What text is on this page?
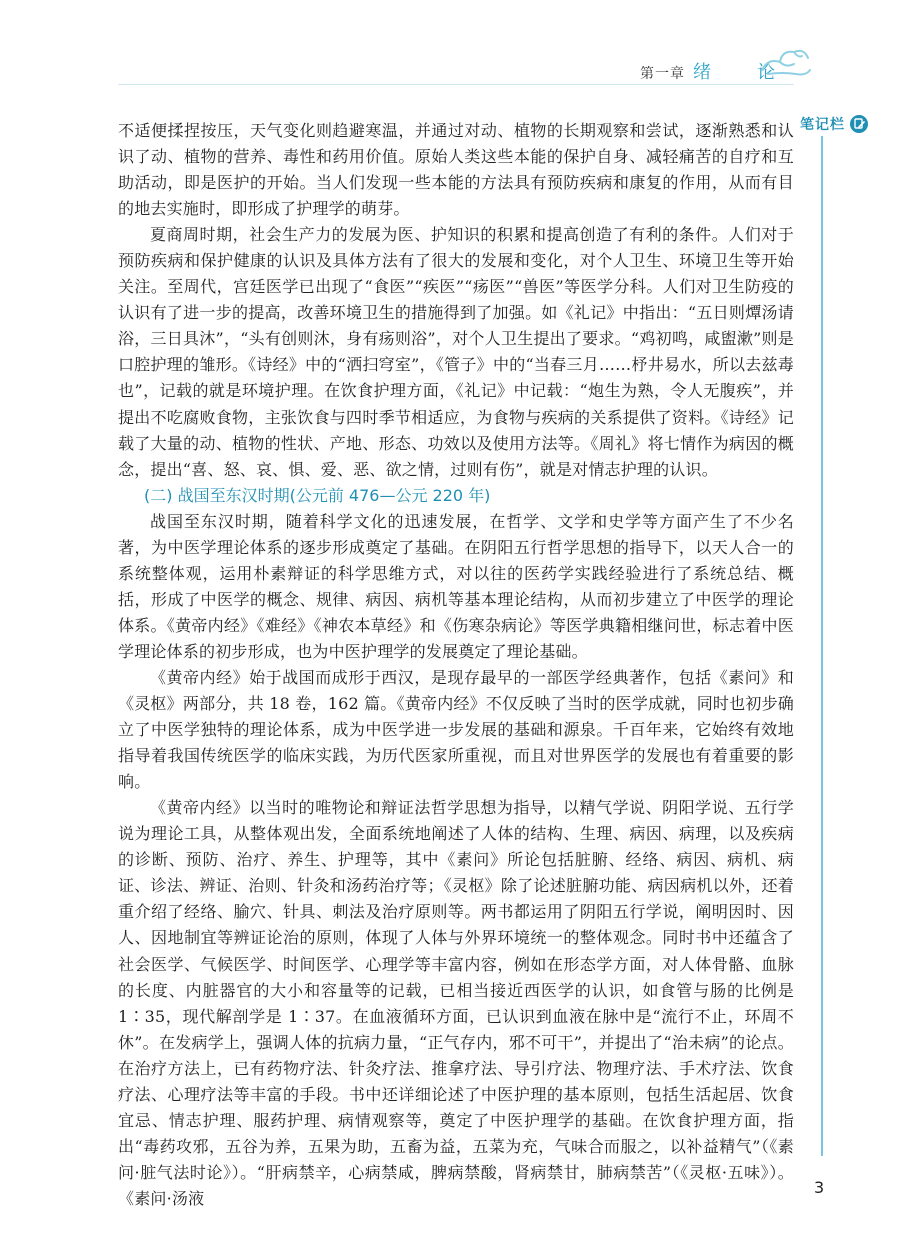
第一章 绪　论
笔记栏

不适便揉捏按压，天气变化则趋避寒温，并通过对动、植物的长期观察和尝试，逐渐熟悉和认识了动、植物的营养、毒性和药用价值。原始人类这些本能的保护自身、减轻痛苦的自疗和互助活动，即是医护的开始。当人们发现一些本能的方法具有预防疾病和康复的作用，从而有目的地去实施时，即形成了护理学的萌芽。

夏商周时期，社会生产力的发展为医、护知识的积累和提高创造了有利的条件。人们对于预防疾病和保护健康的认识及具体方法有了很大的发展和变化，对个人卫生、环境卫生等开始关注。至周代，宫廷医学已出现了“食医”“疾医”“疡医”“兽医”等医学分科。人们对卫生防疫的认识有了进一步的提高，改善环境卫生的措施得到了加强。如《礼记》中指出：“五日则燂汤请浴，三日具沐”，“头有创则沐，身有疡则浴”，对个人卫生提出了要求。“鸡初鸣，咸盥漱”则是口腔护理的雏形。《诗经》中的“洒扫穹室”，《管子》中的“当春三月……杼井易水，所以去兹毒也”，记载的就是环境护理。在饮食护理方面，《礼记》中记载：“炮生为熟，令人无腹疾”，并提出不吃腐败食物，主张饮食与四时季节相适应，为食物与疾病的关系提供了资料。《诗经》记载了大量的动、植物的性状、产地、形态、功效以及使用方法等。《周礼》将七情作为病因的概念，提出“喜、怒、哀、惧、爱、恶、欲之情，过则有伤”，就是对情志护理的认识。

(二) 战国至东汉时期(公元前 476—公元 220 年)

战国至东汉时期，随着科学文化的迅速发展，在哲学、文学和史学等方面产生了不少名著，为中医学理论体系的逐步形成奠定了基础。在阴阳五行哲学思想的指导下，以天人合一的系统整体观，运用朴素辩证的科学思维方式，对以往的医药学实践经验进行了系统总结、概括，形成了中医学的概念、规律、病因、病机等基本理论结构，从而初步建立了中医学的理论体系。《黄帝内经》《难经》《神农本草经》和《伤寒杂病论》等医学典籍相继问世，标志着中医学理论体系的初步形成，也为中医护理学的发展奠定了理论基础。

《黄帝内经》始于战国而成形于西汉，是现存最早的一部医学经典著作，包括《素问》和《灵枢》两部分，共 18 卷，162 篇。《黄帝内经》不仅反映了当时的医学成就，同时也初步确立了中医学独特的理论体系，成为中医学进一步发展的基础和源泉。千百年来，它始终有效地指导着我国传统医学的临床实践，为历代医家所重视，而且对世界医学的发展也有着重要的影响。

《黄帝内经》以当时的唯物论和辩证法哲学思想为指导，以精气学说、阴阳学说、五行学说为理论工具，从整体观出发，全面系统地阐述了人体的结构、生理、病因、病理，以及疾病的诊断、预防、治疗、养生、护理等，其中《素问》所论包括脏腑、经络、病因、病机、病证、诊法、辨证、治则、针灸和汤药治疗等；《灵枢》除了论述脏腑功能、病因病机以外，还着重介绍了经络、腧穴、针具、刺法及治疗原则等。两书都运用了阴阳五行学说，阐明因时、因人、因地制宜等辨证论治的原则，体现了人体与外界环境统一的整体观念。同时书中还蕴含了社会医学、气候医学、时间医学、心理学等丰富内容，例如在形态学方面，对人体骨骼、血脉的长度、内脏器官的大小和容量等的记载，已相当接近西医学的认识，如食管与肠的比例是 1∶35，现代解剖学是 1∶37。在血液循环方面，已认识到血液在脉中是“流行不止，环周不休”。在发病学上，强调人体的抗病力量，“正气存内，邪不可干”，并提出了“治未病”的论点。在治疗方法上，已有药物疗法、针灸疗法、推拿疗法、导引疗法、物理疗法、手术疗法、饮食疗法、心理疗法等丰富的手段。书中还详细论述了中医护理的基本原则，包括生活起居、饮食宜忌、情志护理、服药护理、病情观察等，奠定了中医护理学的基础。在饮食护理方面，指出“毒药攻邪，五谷为养，五果为助，五畜为益，五菜为充，气味合而服之，以补益精气”（《素问·脏气法时论》）。“肝病禁辛，心病禁咸，脾病禁酸，肾病禁甘，肺病禁苦”（《灵枢·五味》）。《素问·汤液

3
